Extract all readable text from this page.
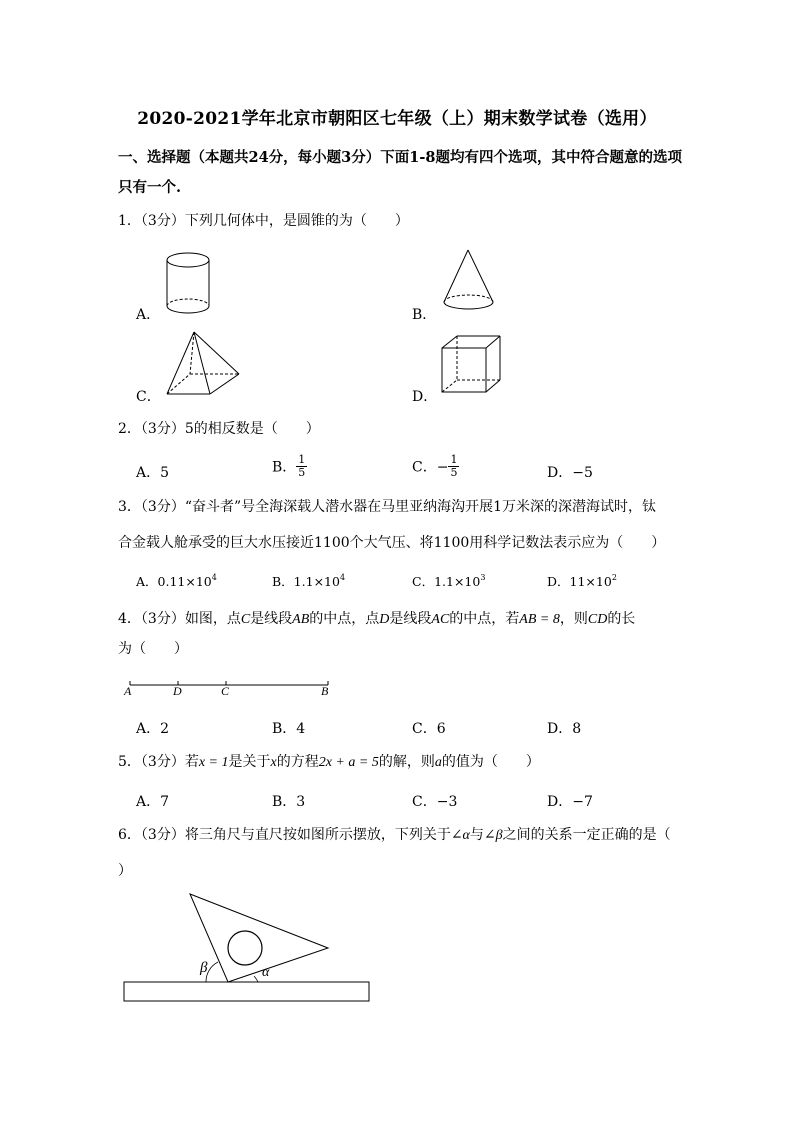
2020-2021学年北京市朝阳区七年级（上）期末数学试卷（选用）
一、选择题（本题共24分，每小题3分）下面1-8题均有四个选项，其中符合题意的选项
只有一个.
1．（3分）下列几何体中，是圆锥的为（　　）
A．	B．
C．	D．
2．（3分）5的相反数是（　　）
A．5	B． $\frac{1}{5}$	C．− $\frac{1}{5}$	D．−5
3．（3分）“奋斗者”号全海深载人潜水器在马里亚纳海沟开展1万米深的深潜海试时，钛
合金载人舱承受的巨大水压接近1100个大气压、将1100用科学记数法表示应为（　　）
A．$0.11\times 10^4$	B．$1.1\times 10^4$	C．$1.1\times 10^3$	D．$11\times 10^2$
4．（3分）如图，点C是线段AB的中点，点D是线段AC的中点，若AB = 8，则CD的长
为（　　）
A	D	C	B
A．2	B．4	C．6	D．8
5．（3分）若x = 1是关于x的方程2x + a = 5的解，则a的值为（　　）
A．7	B．3	C．−3	D．−7
6．（3分）将三角尺与直尺按如图所示摆放，下列关于∠α与∠β之间的关系一定正确的是（
）
β	α
